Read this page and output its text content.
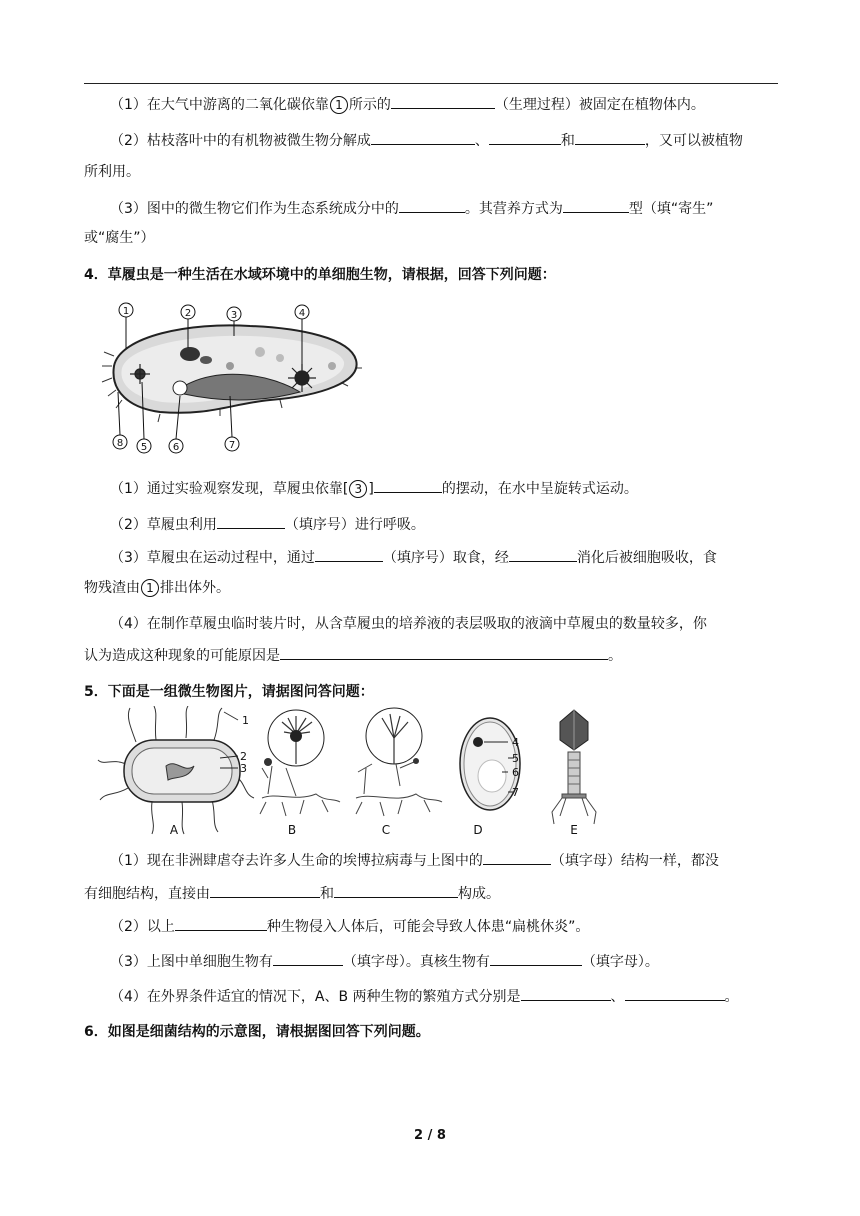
（1）在大气中游离的二氧化碳依靠 1 所示的	（生理过程）被固定在植物体内。
（2）枯枝落叶中的有机物被微生物分解成	、	和	，又可以被植物
所利用。
（3）图中的微生物它们作为生态系统成分中的	。其营养方式为	型（填“寄生”
或“腐生”）
4．草履虫是一种生活在水域环境中的单细胞生物，请根据，回答下列问题：
1	2	3	4
5	6	7
8
（1）通过实验观察发现，草履虫依靠[ 3 ]	的摆动，在水中呈旋转式运动。
（2）草履虫利用	（填序号）进行呼吸。
（3）草履虫在运动过程中，通过	（填序号）取食，经	消化后被细胞吸收，食
物残渣由 1 排出体外。
（4）在制作草履虫临时装片时，从含草履虫的培养液的表层吸取的液滴中草履虫的数量较多，你
认为造成这种现象的可能原因是	。
5．下面是一组微生物图片，请据图问答问题：
1
2
3
4
5
6
7
A	B	C	D	E
（1）现在非洲肆虐夺去许多人生命的埃博拉病毒与上图中的	（填字母）结构一样，都没
有细胞结构，直接由	和	构成。
（2）以上	种生物侵入人体后，可能会导致人体患“扁桃休炎”。
（3）上图中单细胞生物有	（填字母）。真核生物有	（填字母）。
（4）在外界条件适宜的情况下，A、B 两种生物的繁殖方式分别是	、	。
6．如图是细菌结构的示意图，请根据图回答下列问题。
2 / 8
